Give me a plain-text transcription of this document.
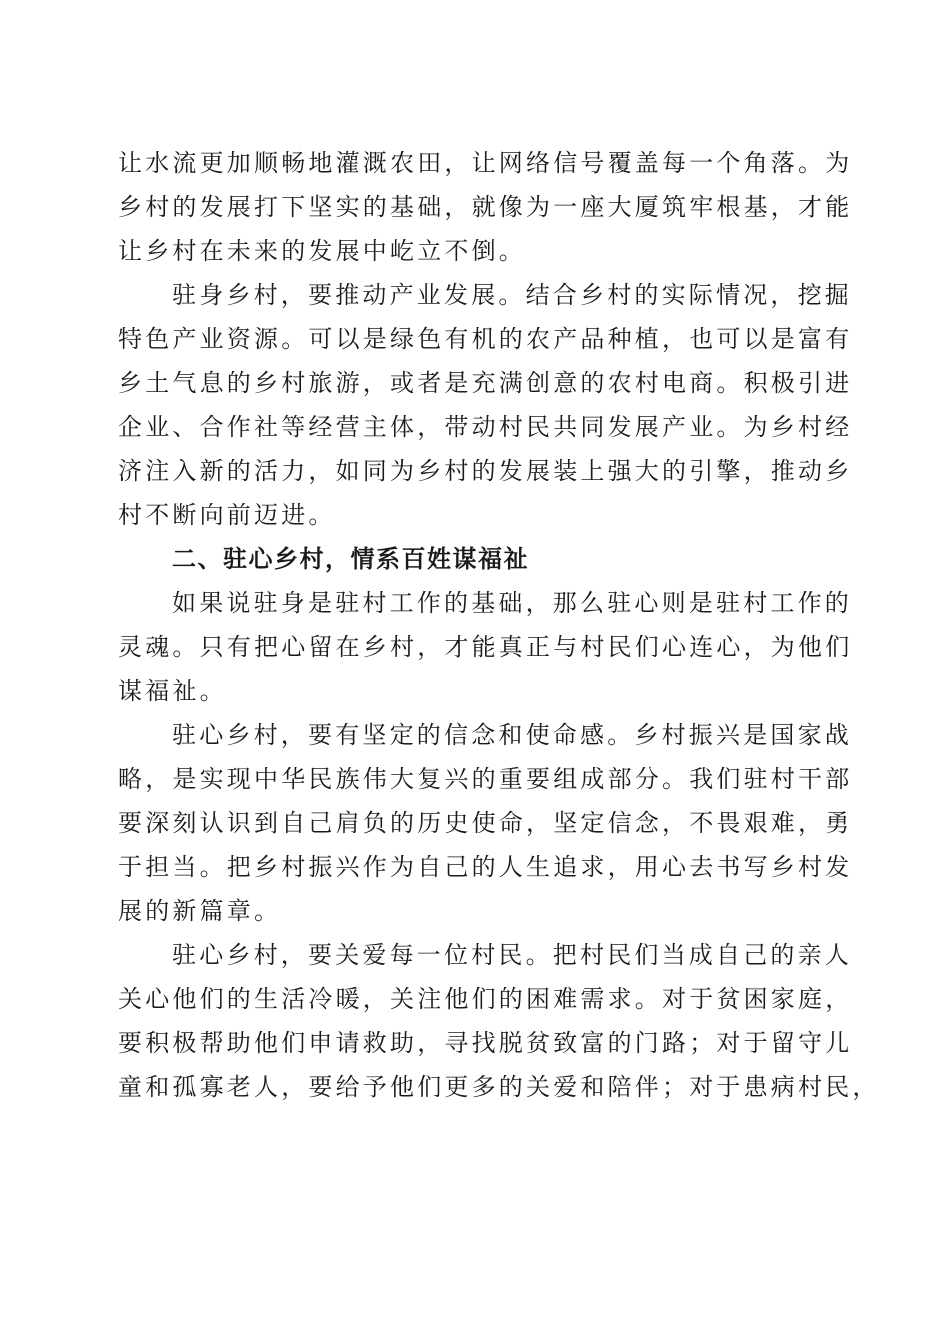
让水流更加顺畅地灌溉农田，让网络信号覆盖每一个角落。为
乡村的发展打下坚实的基础，就像为一座大厦筑牢根基，才能
让乡村在未来的发展中屹立不倒。

驻身乡村，要推动产业发展。结合乡村的实际情况，挖掘
特色产业资源。可以是绿色有机的农产品种植，也可以是富有
乡土气息的乡村旅游，或者是充满创意的农村电商。积极引进
企业、合作社等经营主体，带动村民共同发展产业。为乡村经
济注入新的活力，如同为乡村的发展装上强大的引擎，推动乡
村不断向前迈进。

二、驻心乡村，情系百姓谋福祉

如果说驻身是驻村工作的基础，那么驻心则是驻村工作的
灵魂。只有把心留在乡村，才能真正与村民们心连心，为他们
谋福祉。

驻心乡村，要有坚定的信念和使命感。乡村振兴是国家战
略，是实现中华民族伟大复兴的重要组成部分。我们驻村干部
要深刻认识到自己肩负的历史使命，坚定信念，不畏艰难，勇
于担当。把乡村振兴作为自己的人生追求，用心去书写乡村发
展的新篇章。

驻心乡村，要关爱每一位村民。把村民们当成自己的亲人
关心他们的生活冷暖，关注他们的困难需求。对于贫困家庭，
要积极帮助他们申请救助，寻找脱贫致富的门路；对于留守儿
童和孤寡老人，要给予他们更多的关爱和陪伴；对于患病村民，
